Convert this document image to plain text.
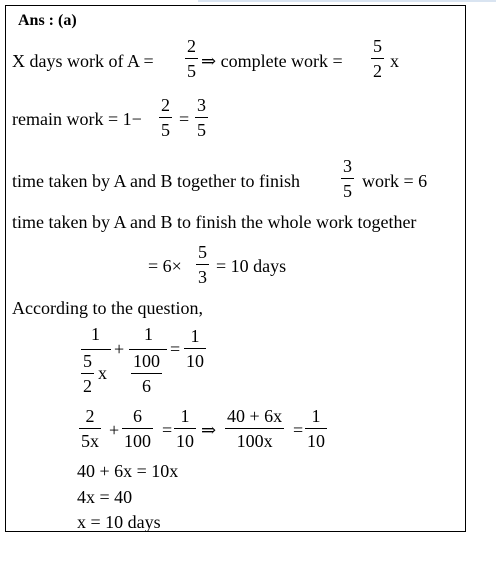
Ans : (a)
X days work of A =
2
5 ⇒ complete work =
5
2 x
remain work = 1−
2
5
=
3
5
time taken by A and B together to finish
3
5 work = 6
time taken by A and B to finish the whole work together
= 6×
5
3
= 10 days
According to the question,
1
5
2
x
+
1
100
6
=
1
10
2
5x
+
6
100
=
1
10
⇒
40 + 6x
100x
=
1
10
40 + 6x = 10x
4x = 40
x = 10 days
